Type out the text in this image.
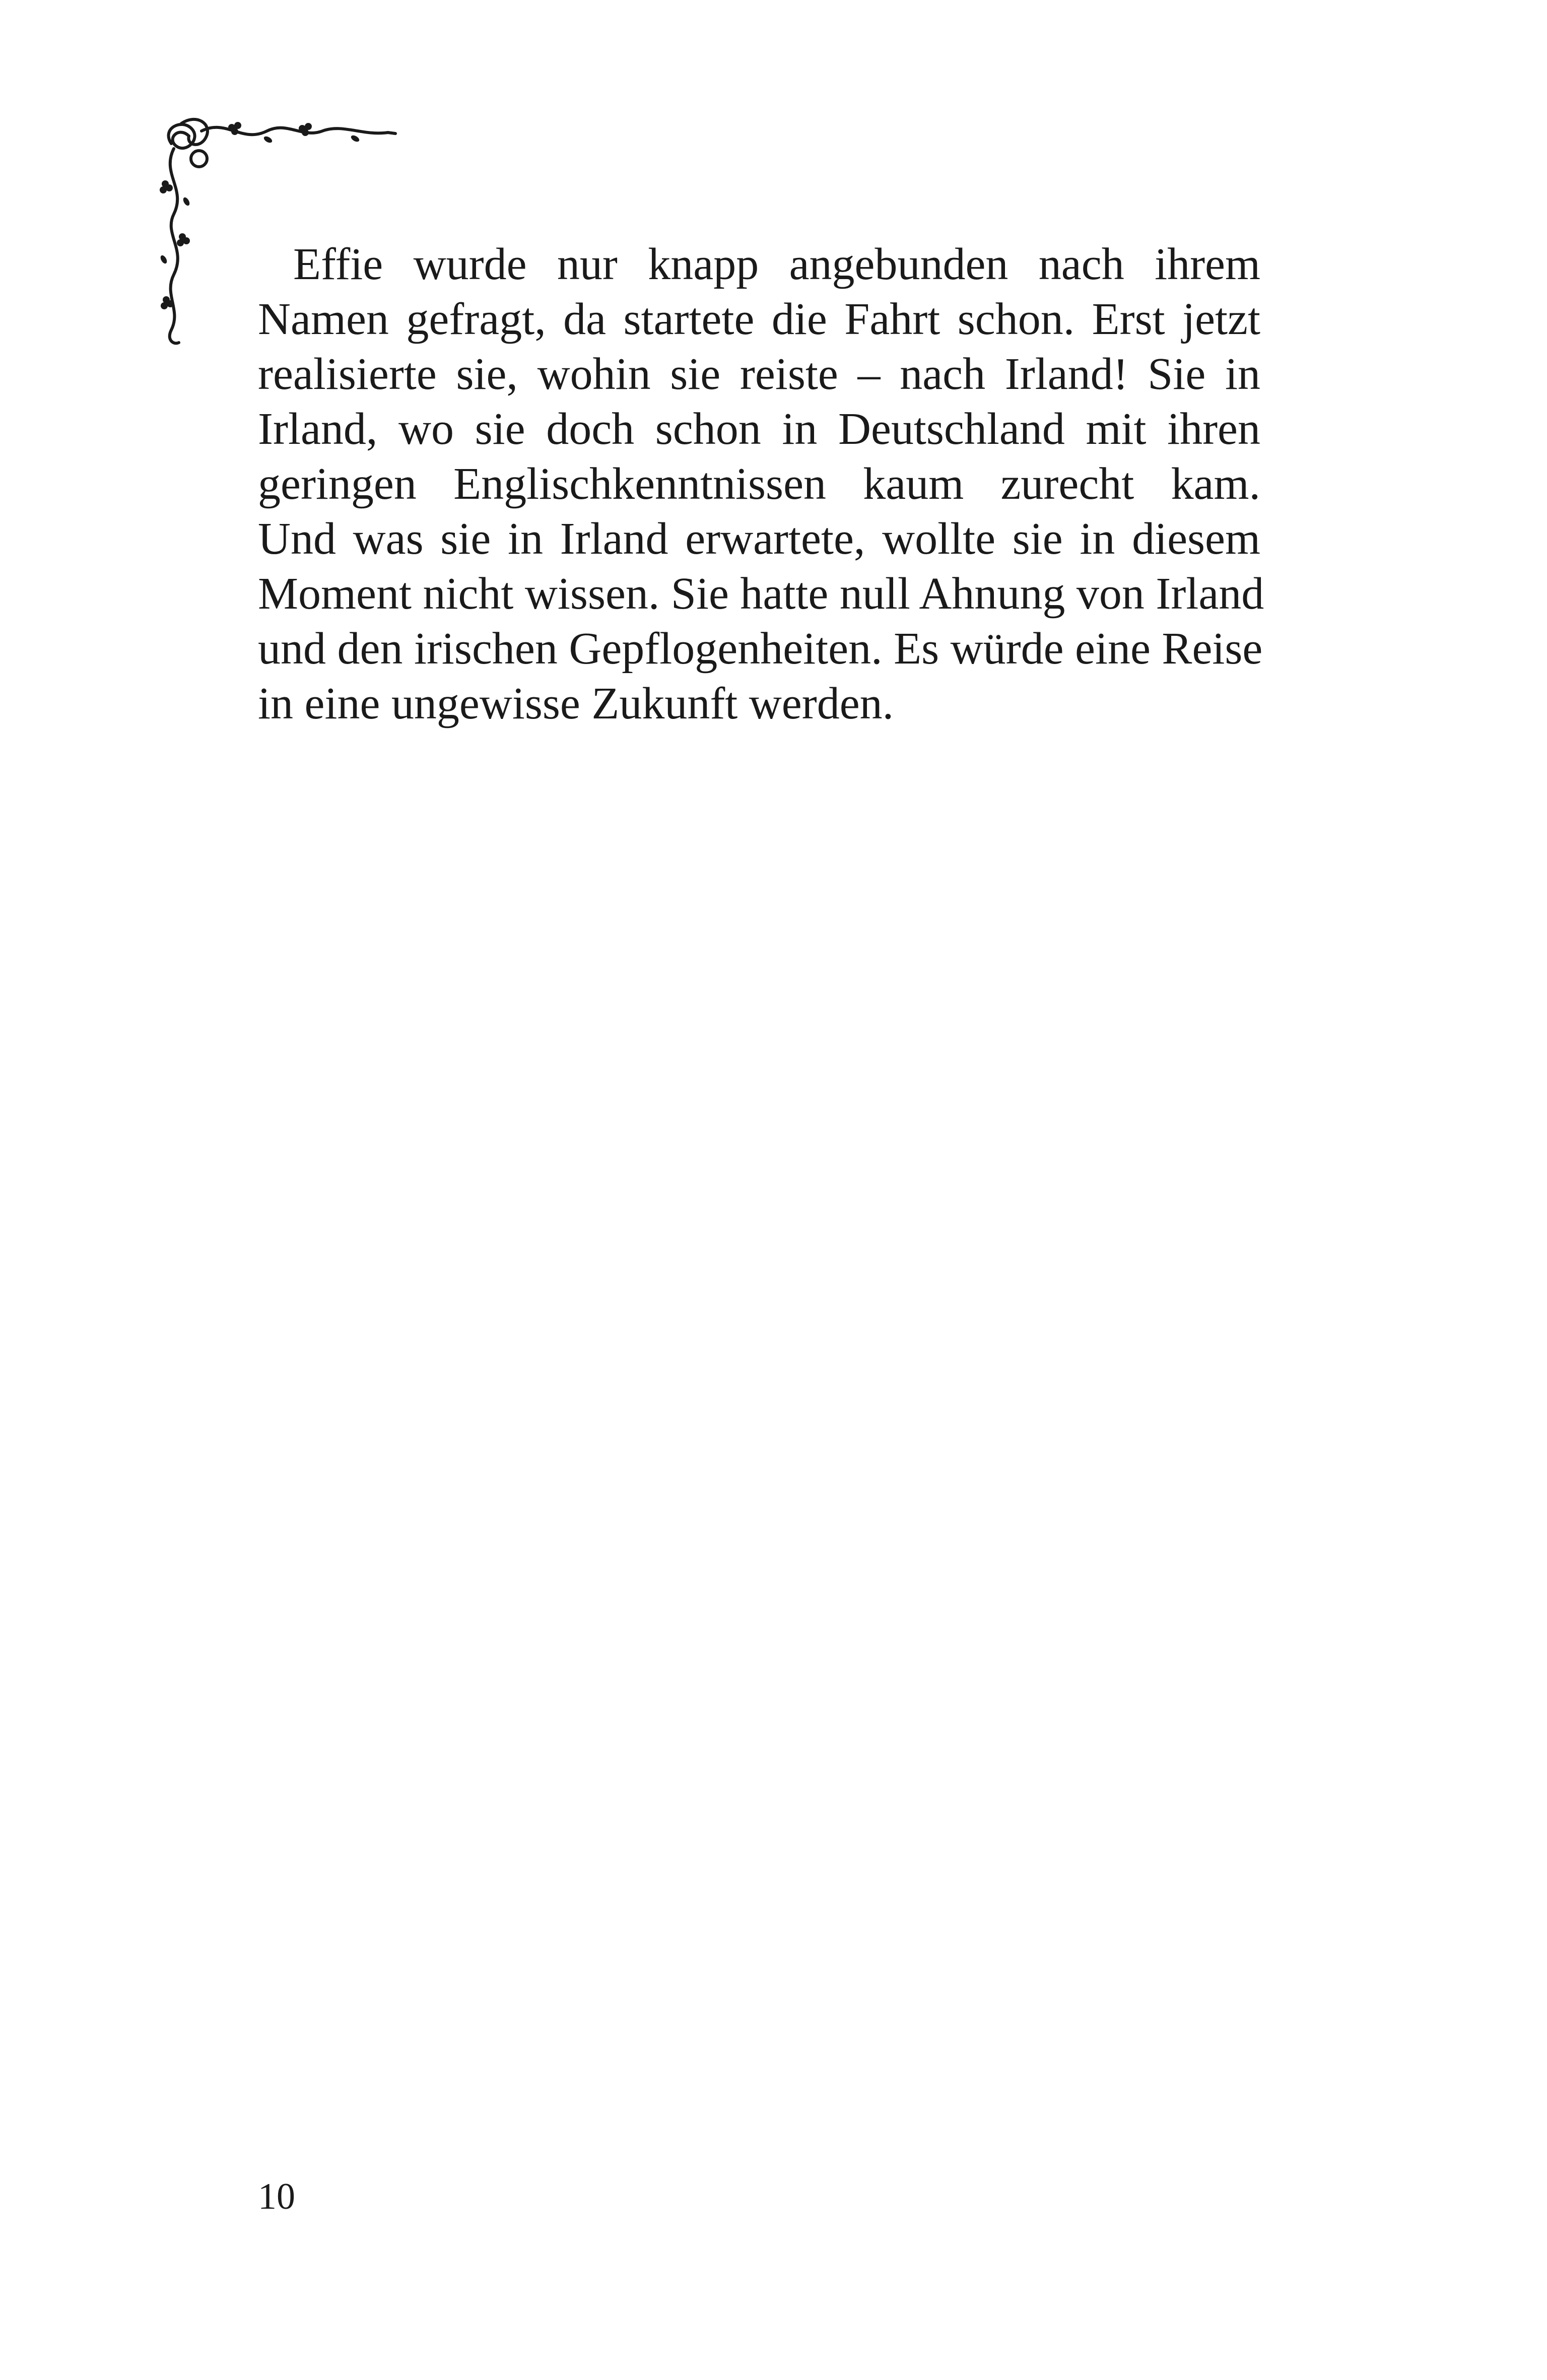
Effie wurde nur knapp angebunden nach ihrem
Namen gefragt, da startete die Fahrt schon. Erst jetzt
realisierte sie, wohin sie reiste – nach Irland! Sie in
Irland, wo sie doch schon in Deutschland mit ihren
geringen Englischkenntnissen kaum zurecht kam.
Und was sie in Irland erwartete, wollte sie in diesem
Moment nicht wissen. Sie hatte null Ahnung von Irland
und den irischen Gepflogenheiten. Es würde eine Reise
in eine ungewisse Zukunft werden.
10
